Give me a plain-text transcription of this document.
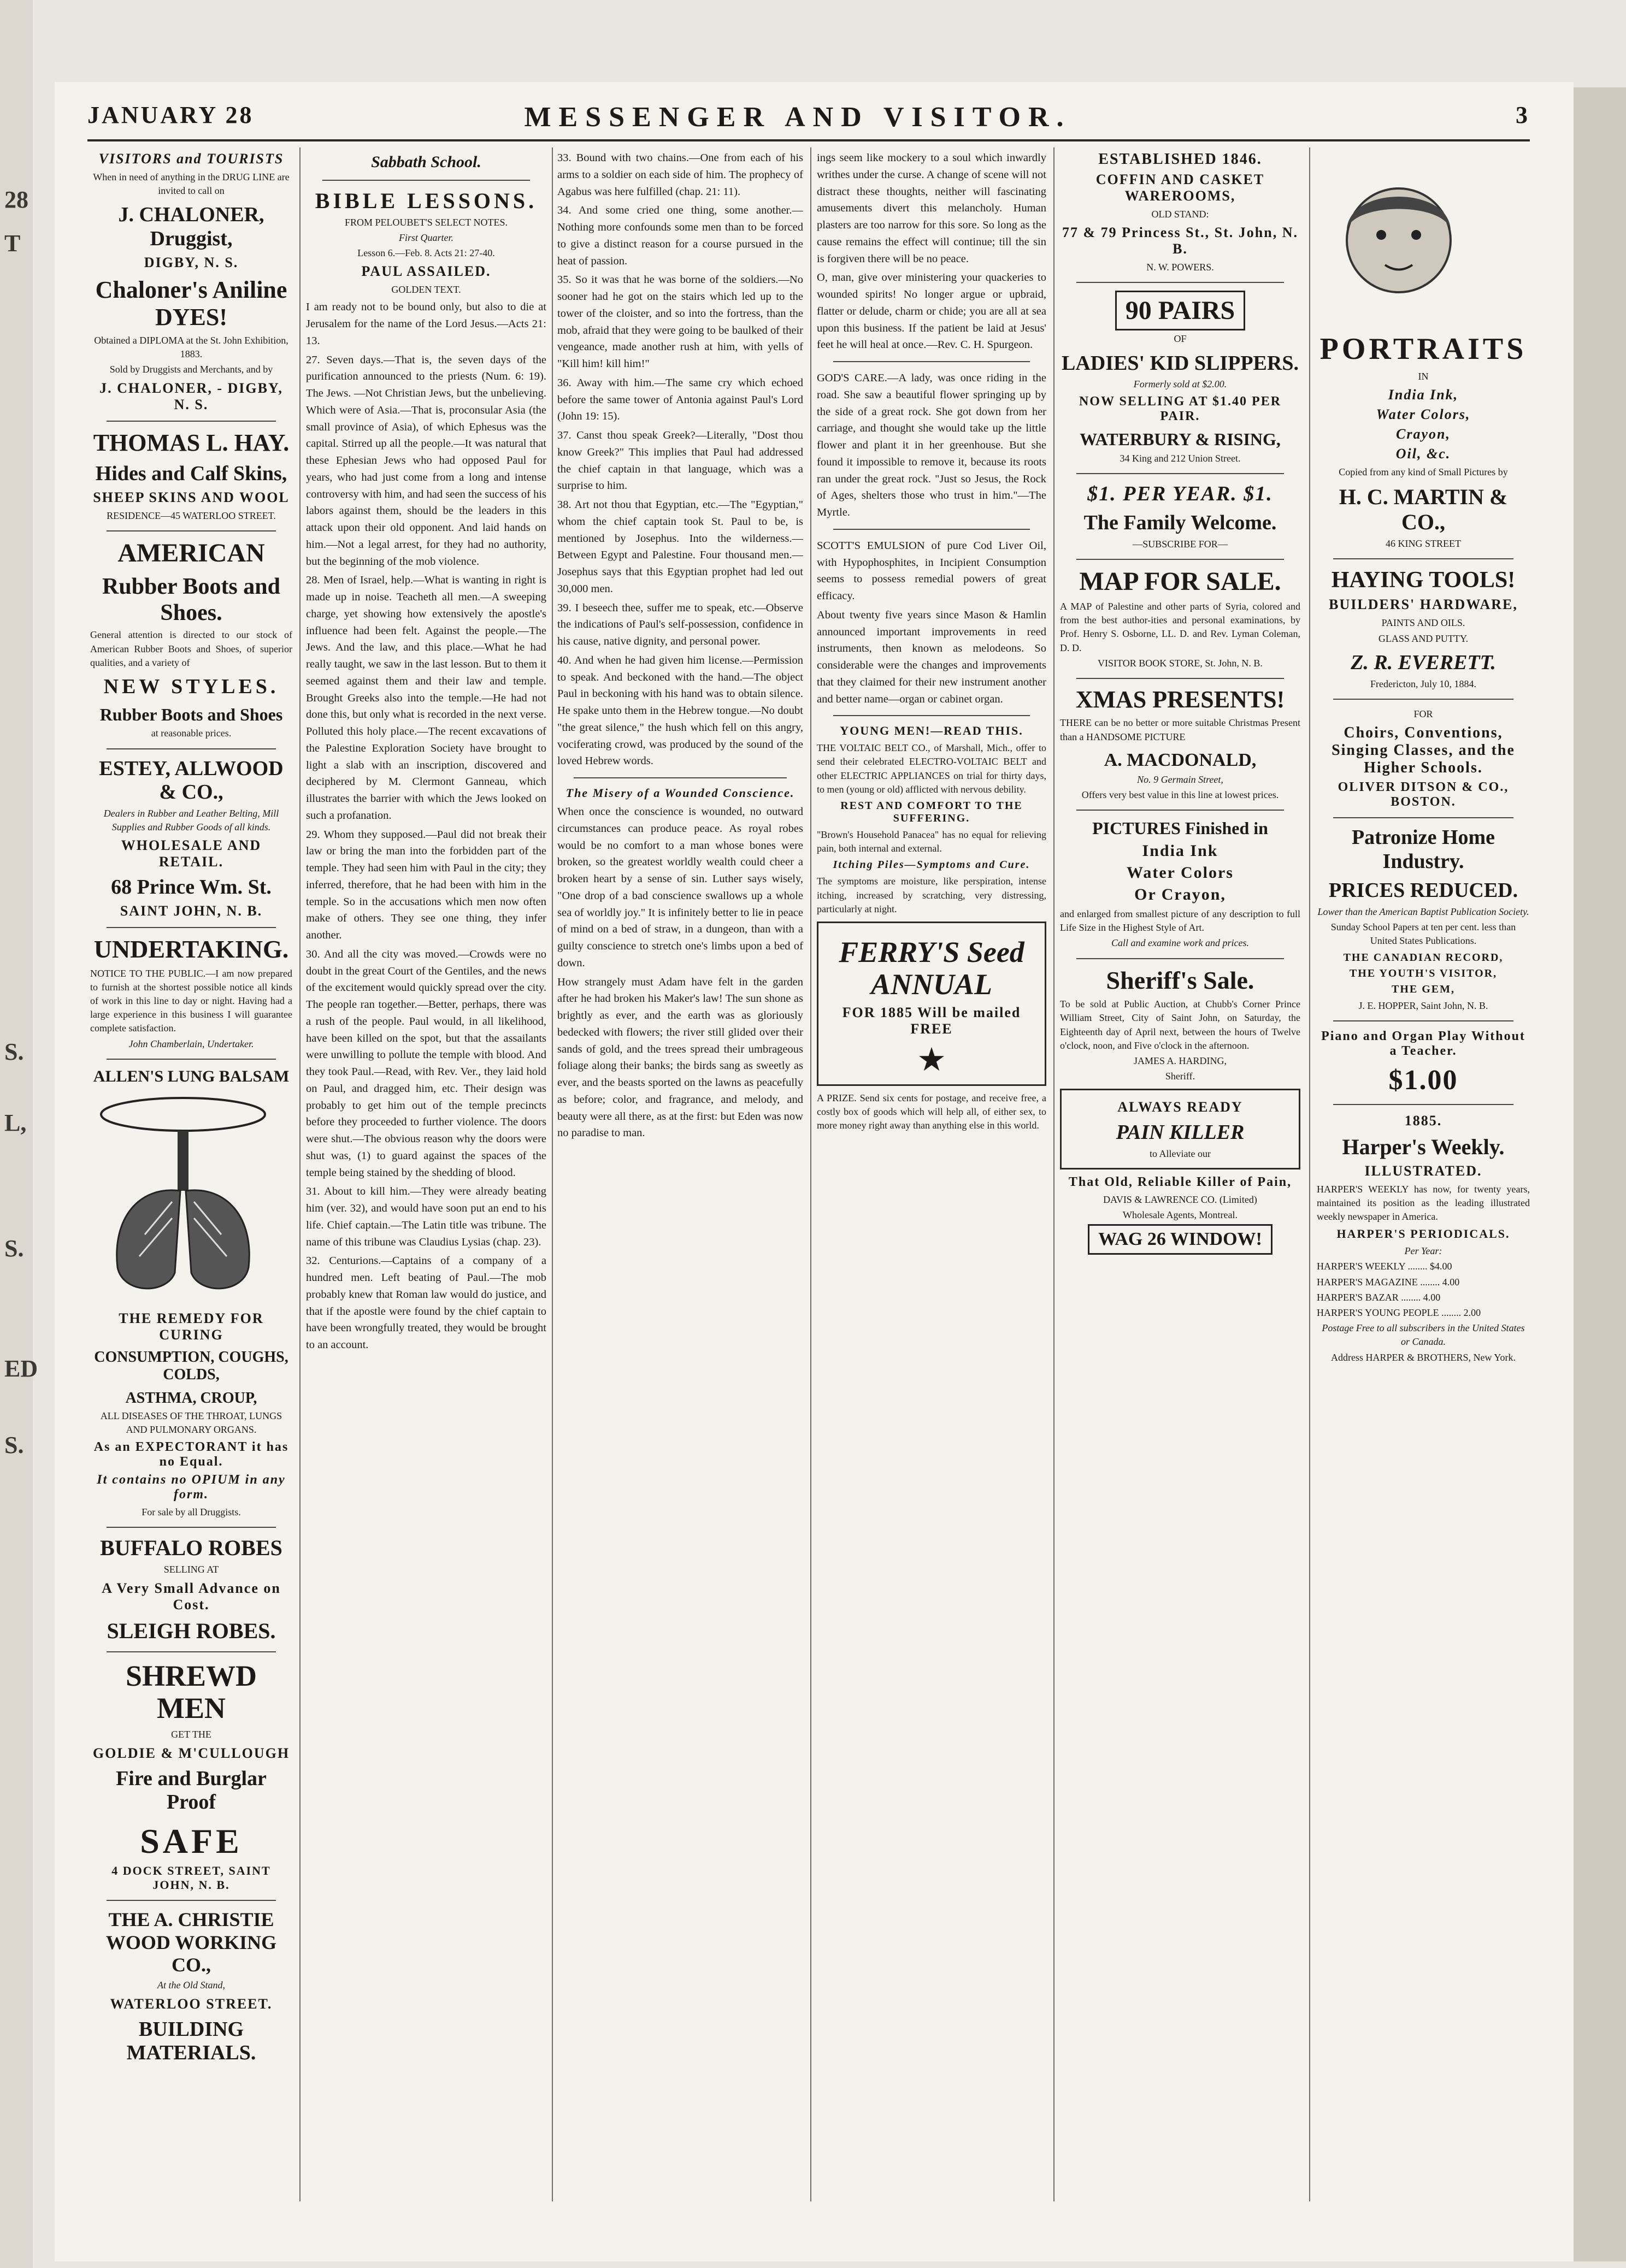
28
T
S.
L,
S.
ED
S.
JANUARY 28	MESSENGER AND VISITOR.	3
VISITORS and TOURISTS
When in need of anything in the DRUG LINE are invited to call on
J. CHALONER, Druggist,
DIGBY, N. S.
Chaloner's Aniline DYES!
Obtained a DIPLOMA at the St. John Exhibition, 1883.
Sold by Druggists and Merchants, and by
J. CHALONER, - DIGBY, N. S.
THOMAS L. HAY.
Hides and Calf Skins,
SHEEP SKINS AND WOOL
RESIDENCE—45 WATERLOO STREET.
AMERICAN
Rubber Boots and Shoes.
General attention is directed to our stock of American Rubber Boots and Shoes, of superior qualities, and a variety of
NEW STYLES.
Rubber Boots and Shoes
at reasonable prices.
ESTEY, ALLWOOD & CO.,
Dealers in Rubber and Leather Belting, Mill Supplies and Rubber Goods of all kinds.
WHOLESALE AND RETAIL.
68 Prince Wm. St.
SAINT JOHN, N. B.
UNDERTAKING.
NOTICE TO THE PUBLIC.—I am now prepared to furnish at the shortest possible notice all kinds of work in this line to day or night. Having had a large experience in this business I will guarantee complete satisfaction.
John Chamberlain, Undertaker.
ALLEN'S LUNG BALSAM
THE REMEDY FOR CURING
CONSUMPTION, COUGHS, COLDS,
ASTHMA, CROUP,
ALL DISEASES OF THE THROAT, LUNGS AND PULMONARY ORGANS.
As an EXPECTORANT it has no Equal.
It contains no OPIUM in any form.
For sale by all Druggists.
BUFFALO ROBES
SELLING AT
A Very Small Advance on Cost.
SLEIGH ROBES.
SHREWD MEN
GET THE
GOLDIE & M'CULLOUGH
Fire and Burglar Proof
SAFE
4 DOCK STREET, SAINT JOHN, N. B.
THE A. CHRISTIE WOOD WORKING CO.,
At the Old Stand,
WATERLOO STREET.
BUILDING MATERIALS.
Sabbath School.
BIBLE LESSONS.
FROM PELOUBET'S SELECT NOTES.
First Quarter.
Lesson 6.—Feb. 8. Acts 21: 27-40.
PAUL ASSAILED.
GOLDEN TEXT.

I am ready not to be bound only, but also to die at Jerusalem for the name of the Lord Jesus.—Acts 21: 13.

27. Seven days.—That is, the seven days of the purification announced to the priests (Num. 6: 19). The Jews. —Not Christian Jews, but the unbelieving. Which were of Asia.—That is, proconsular Asia (the small province of Asia), of which Ephesus was the capital. Stirred up all the people.—It was natural that these Ephesian Jews who had opposed Paul for years, who had just come from a long and intense controversy with him, and had seen the success of his labors against them, should be the leaders in this attack upon their old opponent. And laid hands on him.—Not a legal arrest, for they had no authority, but the beginning of the mob violence.

28. Men of Israel, help.—What is wanting in right is made up in noise. Teacheth all men.—A sweeping charge, yet showing how extensively the apostle's influence had been felt. Against the people.—The Jews. And the law, and this place.—What he had really taught, we saw in the last lesson. But to them it seemed against them and their law and temple. Brought Greeks also into the temple.—He had not done this, but only what is recorded in the next verse. Polluted this holy place.—The recent excavations of the Palestine Exploration Society have brought to light a slab with an inscription, discovered and deciphered by M. Clermont Ganneau, which illustrates the barrier with which the Jews looked on such a profanation.

29. Whom they supposed.—Paul did not break their law or bring the man into the forbidden part of the temple. They had seen him with Paul in the city; they inferred, therefore, that he had been with him in the temple. So in the accusations which men now often make of others. They see one thing, they infer another.

30. And all the city was moved.—Crowds were no doubt in the great Court of the Gentiles, and the news of the excitement would quickly spread over the city. The people ran together.—Better, perhaps, there was a rush of the people. Paul would, in all likelihood, have been killed on the spot, but that the assailants were unwilling to pollute the temple with blood. And they took Paul.—Read, with Rev. Ver., they laid hold on Paul, and dragged him, etc. Their design was probably to get him out of the temple precincts before they proceeded to further violence. The doors were shut.—The obvious reason why the doors were shut was, (1) to guard against the spaces of the temple being stained by the shedding of blood.

31. About to kill him.—They were already beating him (ver. 32), and would have soon put an end to his life. Chief captain.—The Latin title was tribune. The name of this tribune was Claudius Lysias (chap. 23).

32. Centurions.—Captains of a company of a hundred men. Left beating of Paul.—The mob probably knew that Roman law would do justice, and that if the apostle were found by the chief captain to have been wrongfully treated, they would be brought to an account.

33. Bound with two chains.—One from each of his arms to a soldier on each side of him. The prophecy of Agabus was here fulfilled (chap. 21: 11).

34. And some cried one thing, some another.—Nothing more confounds some men than to be forced to give a distinct reason for a course pursued in the heat of passion.

35. So it was that he was borne of the soldiers.—No sooner had he got on the stairs which led up to the tower of the cloister, and so into the fortress, than the mob, afraid that they were going to be baulked of their vengeance, made another rush at him, with yells of "Kill him! kill him!"

36. Away with him.—The same cry which echoed before the same tower of Antonia against Paul's Lord (John 19: 15).

37. Canst thou speak Greek?—Literally, "Dost thou know Greek?" This implies that Paul had addressed the chief captain in that language, which was a surprise to him.

38. Art not thou that Egyptian, etc.—The "Egyptian," whom the chief captain took St. Paul to be, is mentioned by Josephus. Into the wilderness.—Between Egypt and Palestine. Four thousand men.—Josephus says that this Egyptian prophet had led out 30,000 men.

39. I beseech thee, suffer me to speak, etc.—Observe the indications of Paul's self-possession, confidence in his cause, native dignity, and personal power.

40. And when he had given him license.—Permission to speak. And beckoned with the hand.—The object Paul in beckoning with his hand was to obtain silence. He spake unto them in the Hebrew tongue.—No doubt "the great silence," the hush which fell on this angry, vociferating crowd, was produced by the sound of the loved Hebrew words.

The Misery of a Wounded Conscience.

When once the conscience is wounded, no outward circumstances can produce peace. As royal robes would be no comfort to a man whose bones were broken, so the greatest worldly wealth could cheer a broken heart by a sense of sin. Luther says wisely, "One drop of a bad conscience swallows up a whole sea of worldly joy." It is infinitely better to lie in peace of mind on a bed of straw, in a dungeon, than with a guilty conscience to stretch one's limbs upon a bed of down.

How strangely must Adam have felt in the garden after he had broken his Maker's law! The sun shone as brightly as ever, and the earth was as gloriously bedecked with flowers; the river still glided over their sands of gold, and the trees spread their umbrageous foliage along their banks; the birds sang as sweetly as ever, and the beasts sported on the lawns as peacefully as before; color, and fragrance, and melody, and beauty were all there, as at the first: but Eden was now no paradise to man.

ings seem like mockery to a soul which inwardly writhes under the curse. A change of scene will not distract these thoughts, neither will fascinating amusements divert this melancholy. Human plasters are too narrow for this sore. So long as the cause remains the effect will continue; till the sin is forgiven there will be no peace.

O, man, give over ministering your quackeries to wounded spirits! No longer argue or upbraid, flatter or delude, charm or chide; you are all at sea upon this business. If the patient be laid at Jesus' feet he will heal at once.—Rev. C. H. Spurgeon.

GOD'S CARE.—A lady, was once riding in the road. She saw a beautiful flower springing up by the side of a great rock. She got down from her carriage, and thought she would take up the little flower and plant it in her greenhouse. But she found it impossible to remove it, because its roots ran under the great rock. "Just so Jesus, the Rock of Ages, shelters those who trust in him."—The Myrtle.

SCOTT'S EMULSION of pure Cod Liver Oil, with Hypophosphites, in Incipient Consumption seems to possess remedial powers of great efficacy.

About twenty five years since Mason & Hamlin announced important improvements in reed instruments, then known as melodeons. So considerable were the changes and improvements that they claimed for their new instrument another and better name—organ or cabinet organ.

YOUNG MEN!—READ THIS.

THE VOLTAIC BELT CO., of Marshall, Mich., offer to send their celebrated ELECTRO-VOLTAIC BELT and other ELECTRIC APPLIANCES on trial for thirty days, to men (young or old) afflicted with nervous debility.

REST AND COMFORT TO THE SUFFERING.

"Brown's Household Panacea" has no equal for relieving pain, both internal and external.

Itching Piles—Symptoms and Cure.

The symptoms are moisture, like perspiration, intense itching, increased by scratching, very distressing, particularly at night.

FERRY'S Seed ANNUAL
FOR 1885 Will be mailed FREE
★

A PRIZE. Send six cents for postage, and receive free, a costly box of goods which will help all, of either sex, to more money right away than anything else in this world.

ESTABLISHED 1846.
COFFIN AND CASKET WAREROOMS,
OLD STAND:
77 & 79 Princess St., St. John, N. B.
N. W. POWERS.
90 PAIRS
OF
LADIES' KID SLIPPERS.
Formerly sold at $2.00.
NOW SELLING AT $1.40 PER PAIR.
WATERBURY & RISING,
34 King and 212 Union Street.
$1. PER YEAR. $1.
The Family Welcome.
—SUBSCRIBE FOR—
MAP FOR SALE.

A MAP of Palestine and other parts of Syria, colored and from the best author-ities and personal examinations, by Prof. Henry S. Osborne, LL. D. and Rev. Lyman Coleman, D. D.

VISITOR BOOK STORE, St. John, N. B.
XMAS PRESENTS!

THERE can be no better or more suitable Christmas Present than a HANDSOME PICTURE

A. MACDONALD,
No. 9 Germain Street,
Offers very best value in this line at lowest prices.
PICTURES Finished in
India Ink
Water Colors
Or Crayon,

and enlarged from smallest picture of any description to full Life Size in the Highest Style of Art.

Call and examine work and prices.
Sheriff's Sale.

To be sold at Public Auction, at Chubb's Corner Prince William Street, City of Saint John, on Saturday, the Eighteenth day of April next, between the hours of Twelve o'clock, noon, and Five o'clock in the afternoon.

JAMES A. HARDING,
Sheriff.
ALWAYS READY
PAIN KILLER
to Alleviate our
That Old, Reliable Killer of Pain,
DAVIS & LAWRENCE CO. (Limited)
Wholesale Agents, Montreal.
WAG 26 WINDOW!
PORTRAITS
IN
India Ink,
Water Colors,
Crayon,
Oil, &c.
Copied from any kind of Small Pictures by
H. C. MARTIN & CO.,
46 KING STREET
HAYING TOOLS!
BUILDERS' HARDWARE,
PAINTS AND OILS.
GLASS AND PUTTY.
Z. R. EVERETT.
Fredericton, July 10, 1884.
FOR
Choirs, Conventions, Singing Classes, and the Higher Schools.
OLIVER DITSON & CO., BOSTON.
Patronize Home Industry.
PRICES REDUCED.
Lower than the American Baptist Publication Society.
Sunday School Papers at ten per cent. less than United States Publications.
THE CANADIAN RECORD,
THE YOUTH'S VISITOR,
THE GEM,
J. E. HOPPER, Saint John, N. B.
Piano and Organ Play Without a Teacher.
$1.00
1885.
Harper's Weekly.
ILLUSTRATED.

HARPER'S WEEKLY has now, for twenty years, maintained its position as the leading illustrated weekly newspaper in America.

HARPER'S PERIODICALS.
Per Year:
HARPER'S WEEKLY ........ $4.00
HARPER'S MAGAZINE ........ 4.00
HARPER'S BAZAR ........ 4.00
HARPER'S YOUNG PEOPLE ........ 2.00
Postage Free to all subscribers in the United States or Canada.
Address HARPER & BROTHERS, New York.
